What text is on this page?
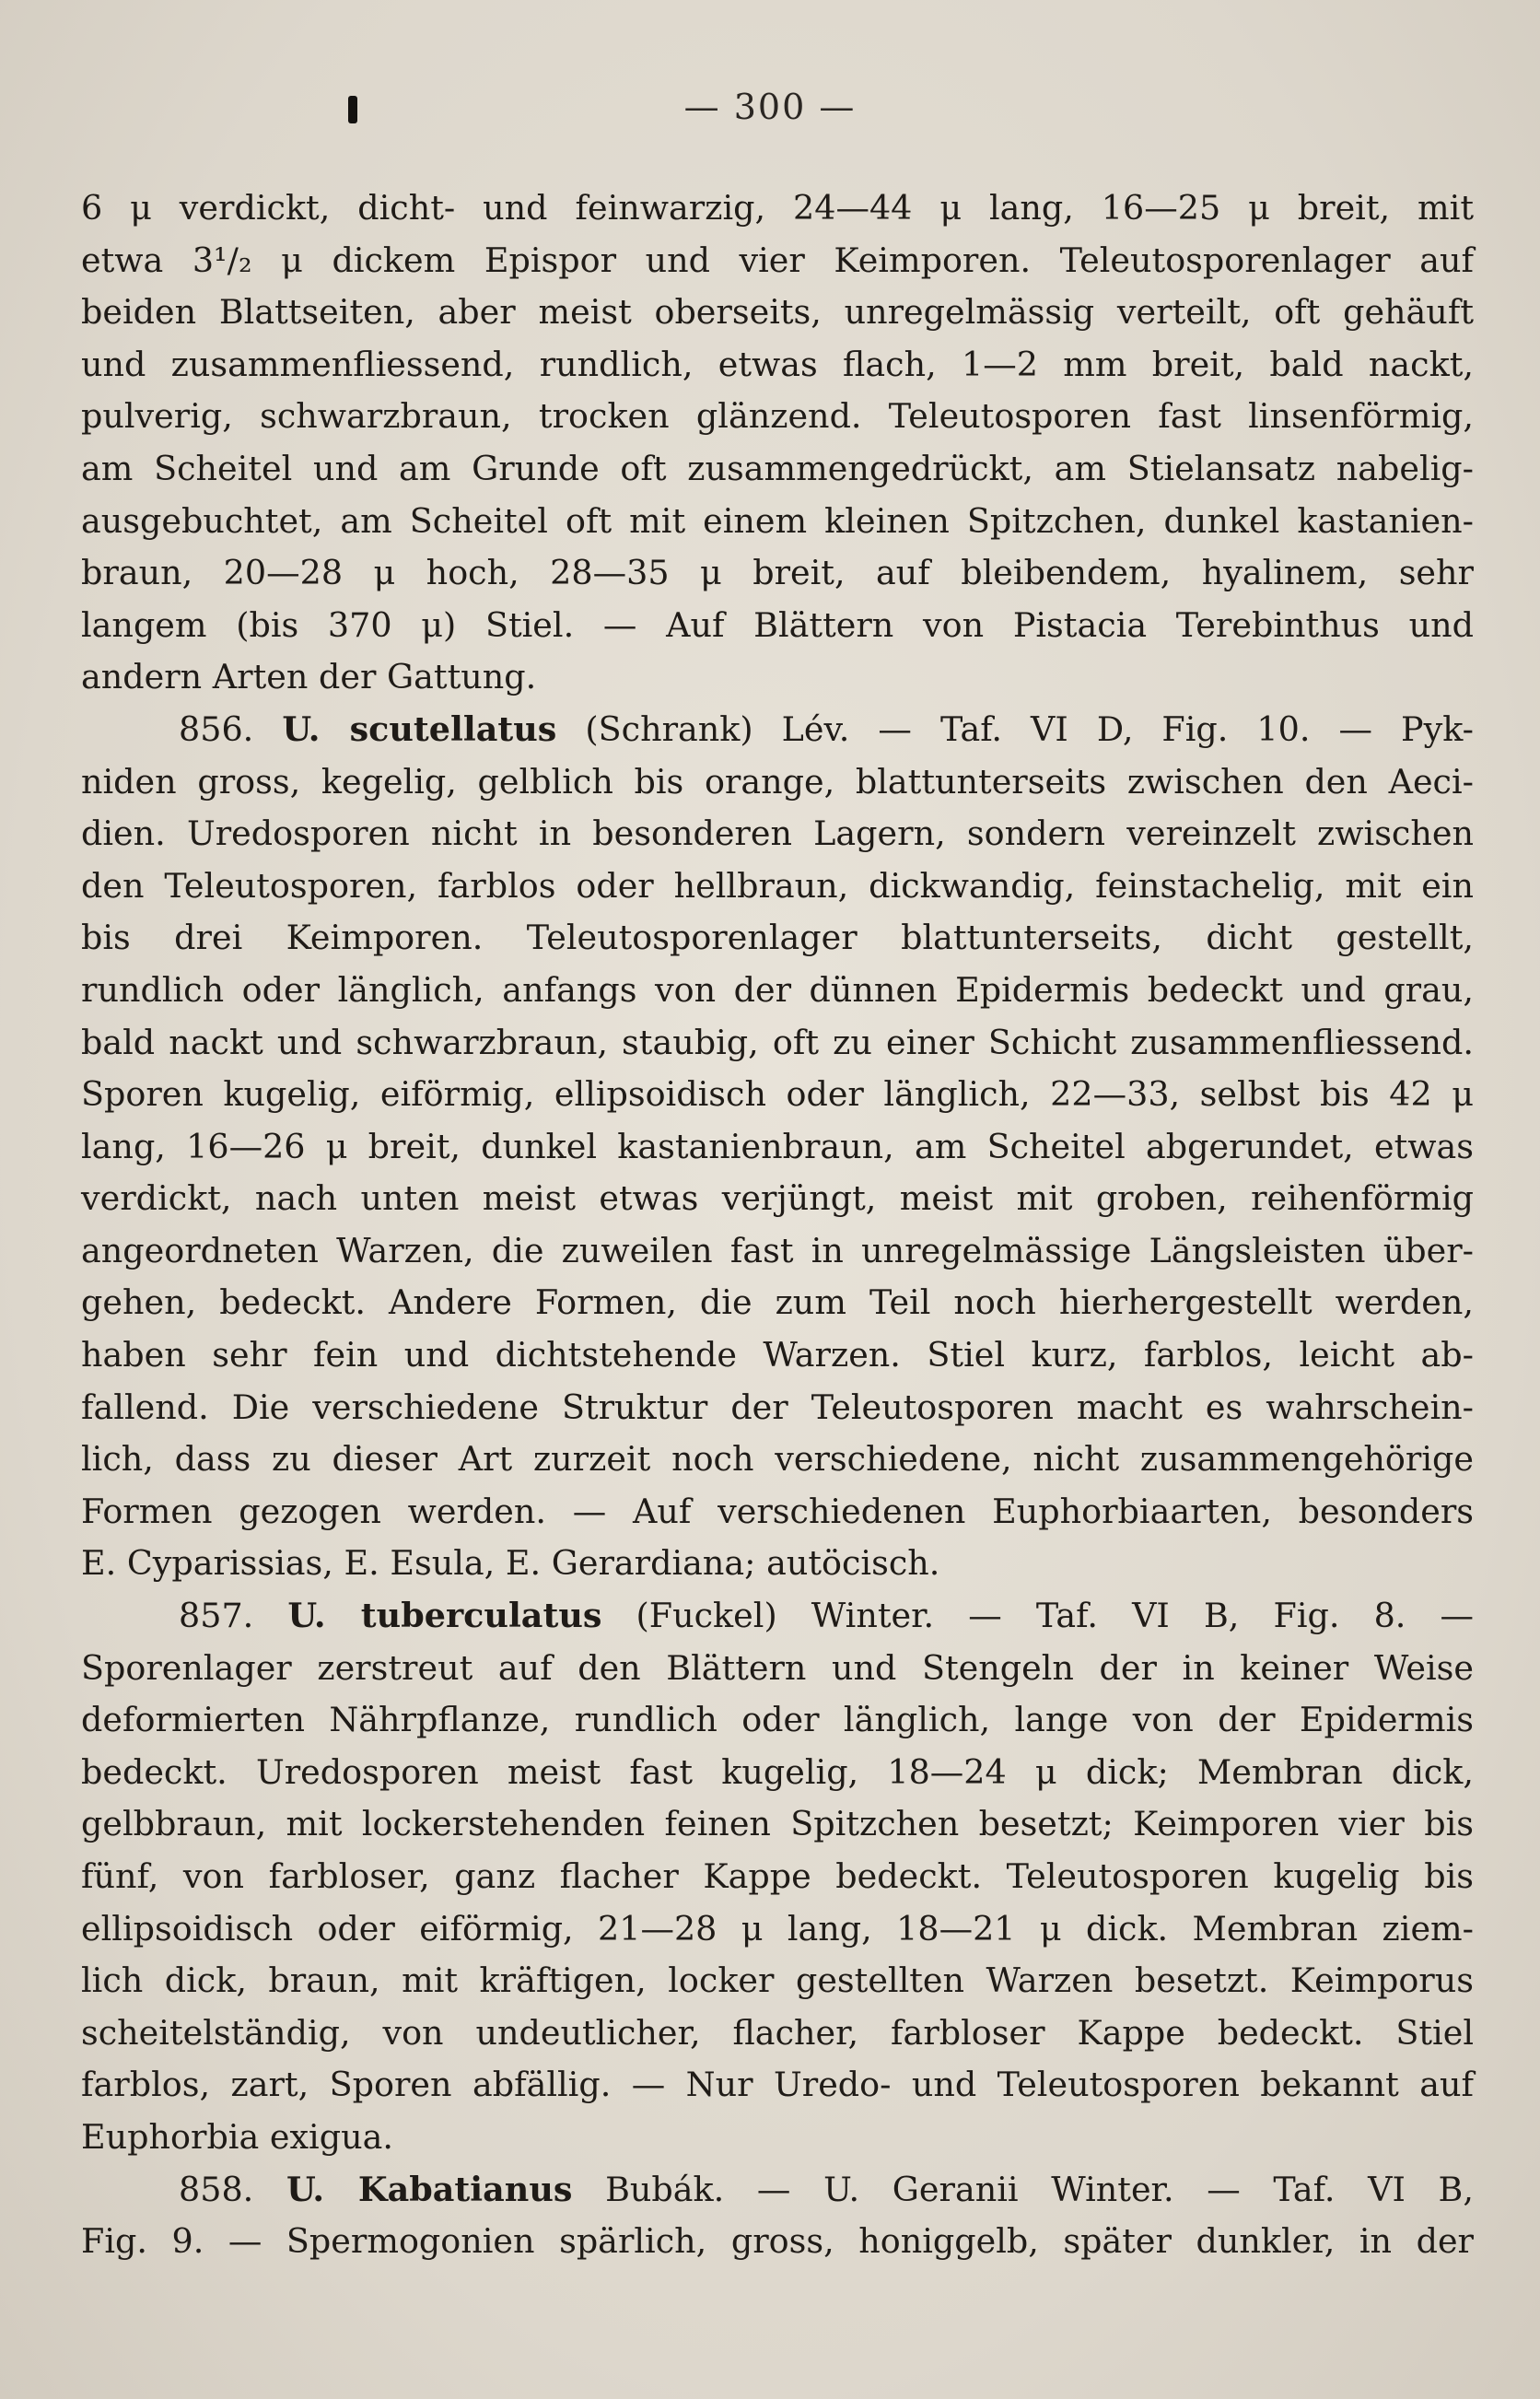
— 300 —
6 μ verdickt, dicht- und feinwarzig, 24—44 μ lang, 16—25 μ breit, mit
etwa 3¹/₂ μ dickem Epispor und vier Keimporen. Teleutosporenlager auf
beiden Blattseiten, aber meist oberseits, unregelmässig verteilt, oft gehäuft
und zusammenfliessend, rundlich, etwas flach, 1—2 mm breit, bald nackt,
pulverig, schwarzbraun, trocken glänzend. Teleutosporen fast linsenförmig,
am Scheitel und am Grunde oft zusammengedrückt, am Stielansatz nabelig-
ausgebuchtet, am Scheitel oft mit einem kleinen Spitzchen, dunkel kastanien-
braun, 20—28 μ hoch, 28—35 μ breit, auf bleibendem, hyalinem, sehr
langem (bis 370 μ) Stiel. — Auf Blättern von Pistacia Terebinthus und
andern Arten der Gattung.
856. U. scutellatus (Schrank) Lév. — Taf. VI D, Fig. 10. — Pyk-
niden gross, kegelig, gelblich bis orange, blattunterseits zwischen den Aeci-
dien. Uredosporen nicht in besonderen Lagern, sondern vereinzelt zwischen
den Teleutosporen, farblos oder hellbraun, dickwandig, feinstachelig, mit ein
bis drei Keimporen. Teleutosporenlager blattunterseits, dicht gestellt,
rundlich oder länglich, anfangs von der dünnen Epidermis bedeckt und grau,
bald nackt und schwarzbraun, staubig, oft zu einer Schicht zusammenfliessend.
Sporen kugelig, eiförmig, ellipsoidisch oder länglich, 22—33, selbst bis 42 μ
lang, 16—26 μ breit, dunkel kastanienbraun, am Scheitel abgerundet, etwas
verdickt, nach unten meist etwas verjüngt, meist mit groben, reihenförmig
angeordneten Warzen, die zuweilen fast in unregelmässige Längsleisten über-
gehen, bedeckt. Andere Formen, die zum Teil noch hierhergestellt werden,
haben sehr fein und dichtstehende Warzen. Stiel kurz, farblos, leicht ab-
fallend. Die verschiedene Struktur der Teleutosporen macht es wahrschein-
lich, dass zu dieser Art zurzeit noch verschiedene, nicht zusammengehörige
Formen gezogen werden. — Auf verschiedenen Euphorbiaarten, besonders
E. Cyparissias, E. Esula, E. Gerardiana; autöcisch.
857. U. tuberculatus (Fuckel) Winter. — Taf. VI B, Fig. 8. —
Sporenlager zerstreut auf den Blättern und Stengeln der in keiner Weise
deformierten Nährpflanze, rundlich oder länglich, lange von der Epidermis
bedeckt. Uredosporen meist fast kugelig, 18—24 μ dick; Membran dick,
gelbbraun, mit lockerstehenden feinen Spitzchen besetzt; Keimporen vier bis
fünf, von farbloser, ganz flacher Kappe bedeckt. Teleutosporen kugelig bis
ellipsoidisch oder eiförmig, 21—28 μ lang, 18—21 μ dick. Membran ziem-
lich dick, braun, mit kräftigen, locker gestellten Warzen besetzt. Keimporus
scheitelständig, von undeutlicher, flacher, farbloser Kappe bedeckt. Stiel
farblos, zart, Sporen abfällig. — Nur Uredo- und Teleutosporen bekannt auf
Euphorbia exigua.
858. U. Kabatianus Bubák. — U. Geranii Winter. — Taf. VI B,
Fig. 9. — Spermogonien spärlich, gross, honiggelb, später dunkler, in der
